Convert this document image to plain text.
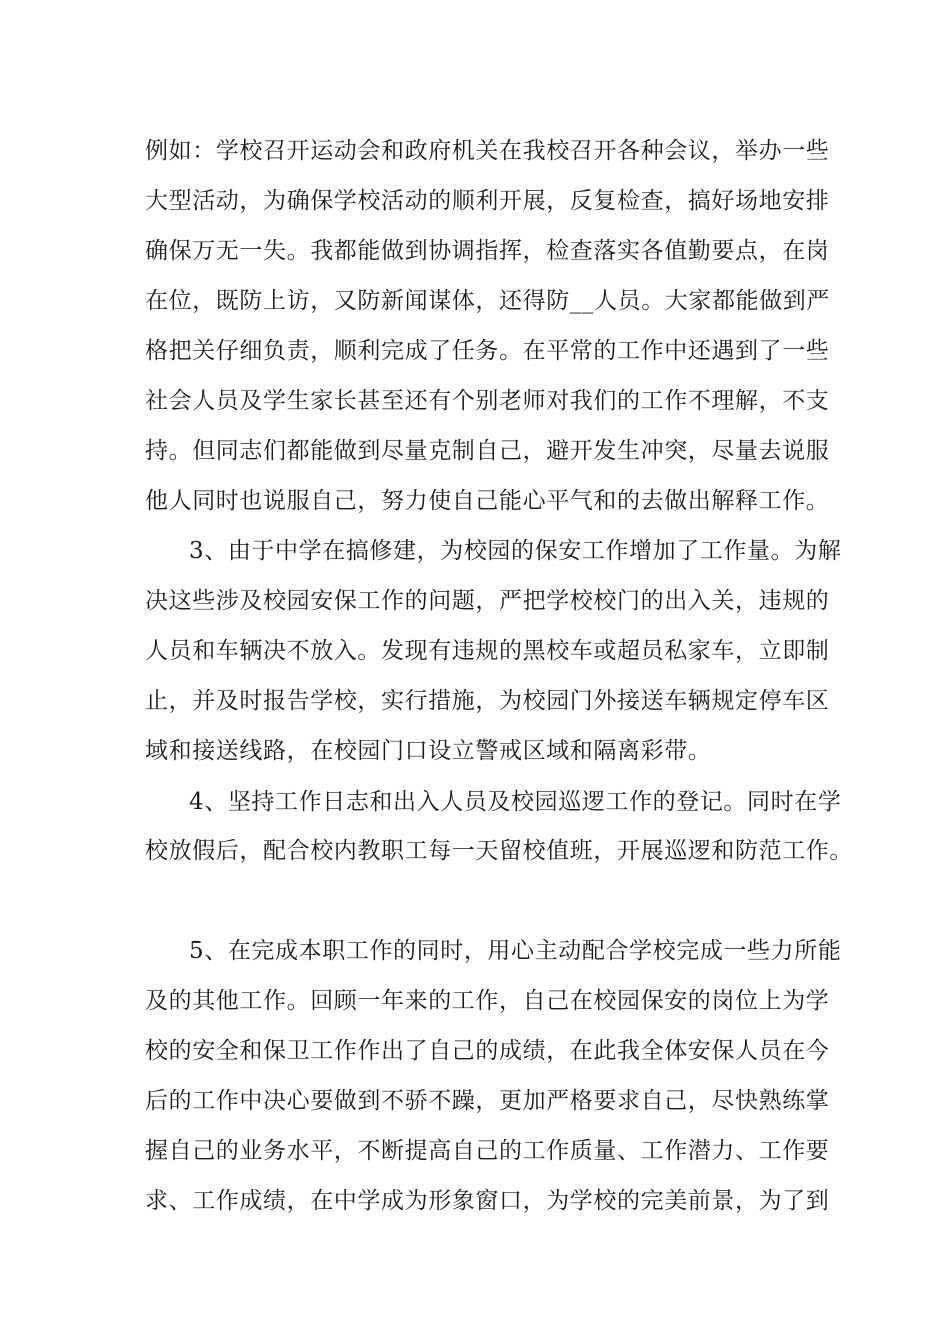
例如：学校召开运动会和政府机关在我校召开各种会议，举办一些
大型活动，为确保学校活动的顺利开展，反复检查，搞好场地安排
确保万无一失。我都能做到协调指挥，检查落实各值勤要点，在岗
在位，既防上访，又防新闻谋体，还得防__人员。大家都能做到严
格把关仔细负责，顺利完成了任务。在平常的工作中还遇到了一些
社会人员及学生家长甚至还有个别老师对我们的工作不理解，不支
持。但同志们都能做到尽量克制自己，避开发生冲突，尽量去说服
他人同时也说服自己，努力使自己能心平气和的去做出解释工作。
3、由于中学在搞修建，为校园的保安工作增加了工作量。为解
决这些涉及校园安保工作的问题，严把学校校门的出入关，违规的
人员和车辆决不放入。发现有违规的黑校车或超员私家车，立即制
止，并及时报告学校，实行措施，为校园门外接送车辆规定停车区
域和接送线路，在校园门口设立警戒区域和隔离彩带。
4、坚持工作日志和出入人员及校园巡逻工作的登记。同时在学
校放假后，配合校内教职工每一天留校值班，开展巡逻和防范工作。
5、在完成本职工作的同时，用心主动配合学校完成一些力所能
及的其他工作。回顾一年来的工作，自己在校园保安的岗位上为学
校的安全和保卫工作作出了自己的成绩，在此我全体安保人员在今
后的工作中决心要做到不骄不躁，更加严格要求自己，尽快熟练掌
握自己的业务水平，不断提高自己的工作质量、工作潜力、工作要
求、工作成绩，在中学成为形象窗口，为学校的完美前景，为了到
